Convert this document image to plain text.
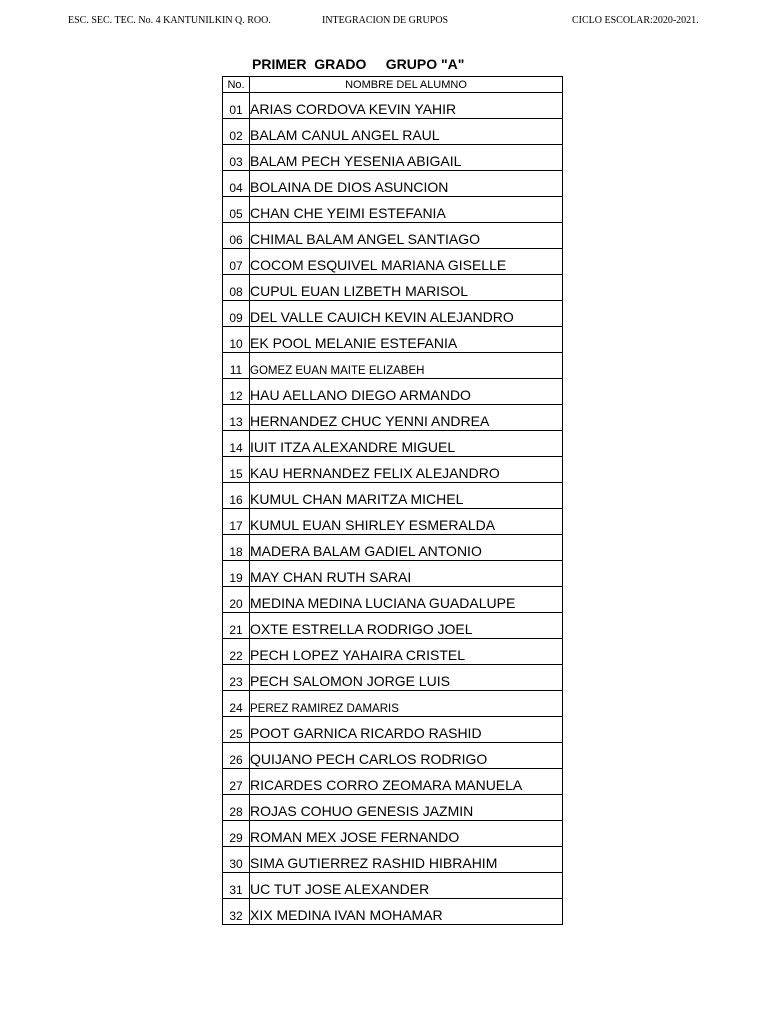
ESC. SEC. TEC. No. 4 KANTUNILKIN Q. ROO.	INTEGRACION DE GRUPOS	CICLO ESCOLAR:2020-2021.
PRIMER  GRADO     GRUPO "A"
No.	NOMBRE DEL ALUMNO
01	ARIAS CORDOVA KEVIN YAHIR
02	BALAM CANUL ANGEL RAUL
03	BALAM PECH YESENIA ABIGAIL
04	BOLAINA DE DIOS ASUNCION
05	CHAN CHE YEIMI ESTEFANIA
06	CHIMAL BALAM ANGEL SANTIAGO
07	COCOM ESQUIVEL MARIANA GISELLE
08	CUPUL EUAN LIZBETH MARISOL
09	DEL VALLE CAUICH KEVIN ALEJANDRO
10	EK POOL MELANIE ESTEFANIA
11	GOMEZ EUAN MAITE ELIZABEH
12	HAU AELLANO DIEGO ARMANDO
13	HERNANDEZ CHUC YENNI ANDREA
14	IUIT ITZA ALEXANDRE MIGUEL
15	KAU HERNANDEZ FELIX ALEJANDRO
16	KUMUL CHAN MARITZA MICHEL
17	KUMUL EUAN SHIRLEY ESMERALDA
18	MADERA BALAM GADIEL ANTONIO
19	MAY CHAN RUTH SARAI
20	MEDINA MEDINA LUCIANA GUADALUPE
21	OXTE ESTRELLA RODRIGO JOEL
22	PECH LOPEZ YAHAIRA CRISTEL
23	PECH SALOMON JORGE LUIS
24	PEREZ RAMIREZ DAMARIS
25	POOT GARNICA RICARDO RASHID
26	QUIJANO PECH CARLOS RODRIGO
27	RICARDES CORRO ZEOMARA MANUELA
28	ROJAS COHUO GENESIS JAZMIN
29	ROMAN MEX JOSE FERNANDO
30	SIMA GUTIERREZ RASHID HIBRAHIM
31	UC TUT JOSE ALEXANDER
32	XIX MEDINA IVAN MOHAMAR
